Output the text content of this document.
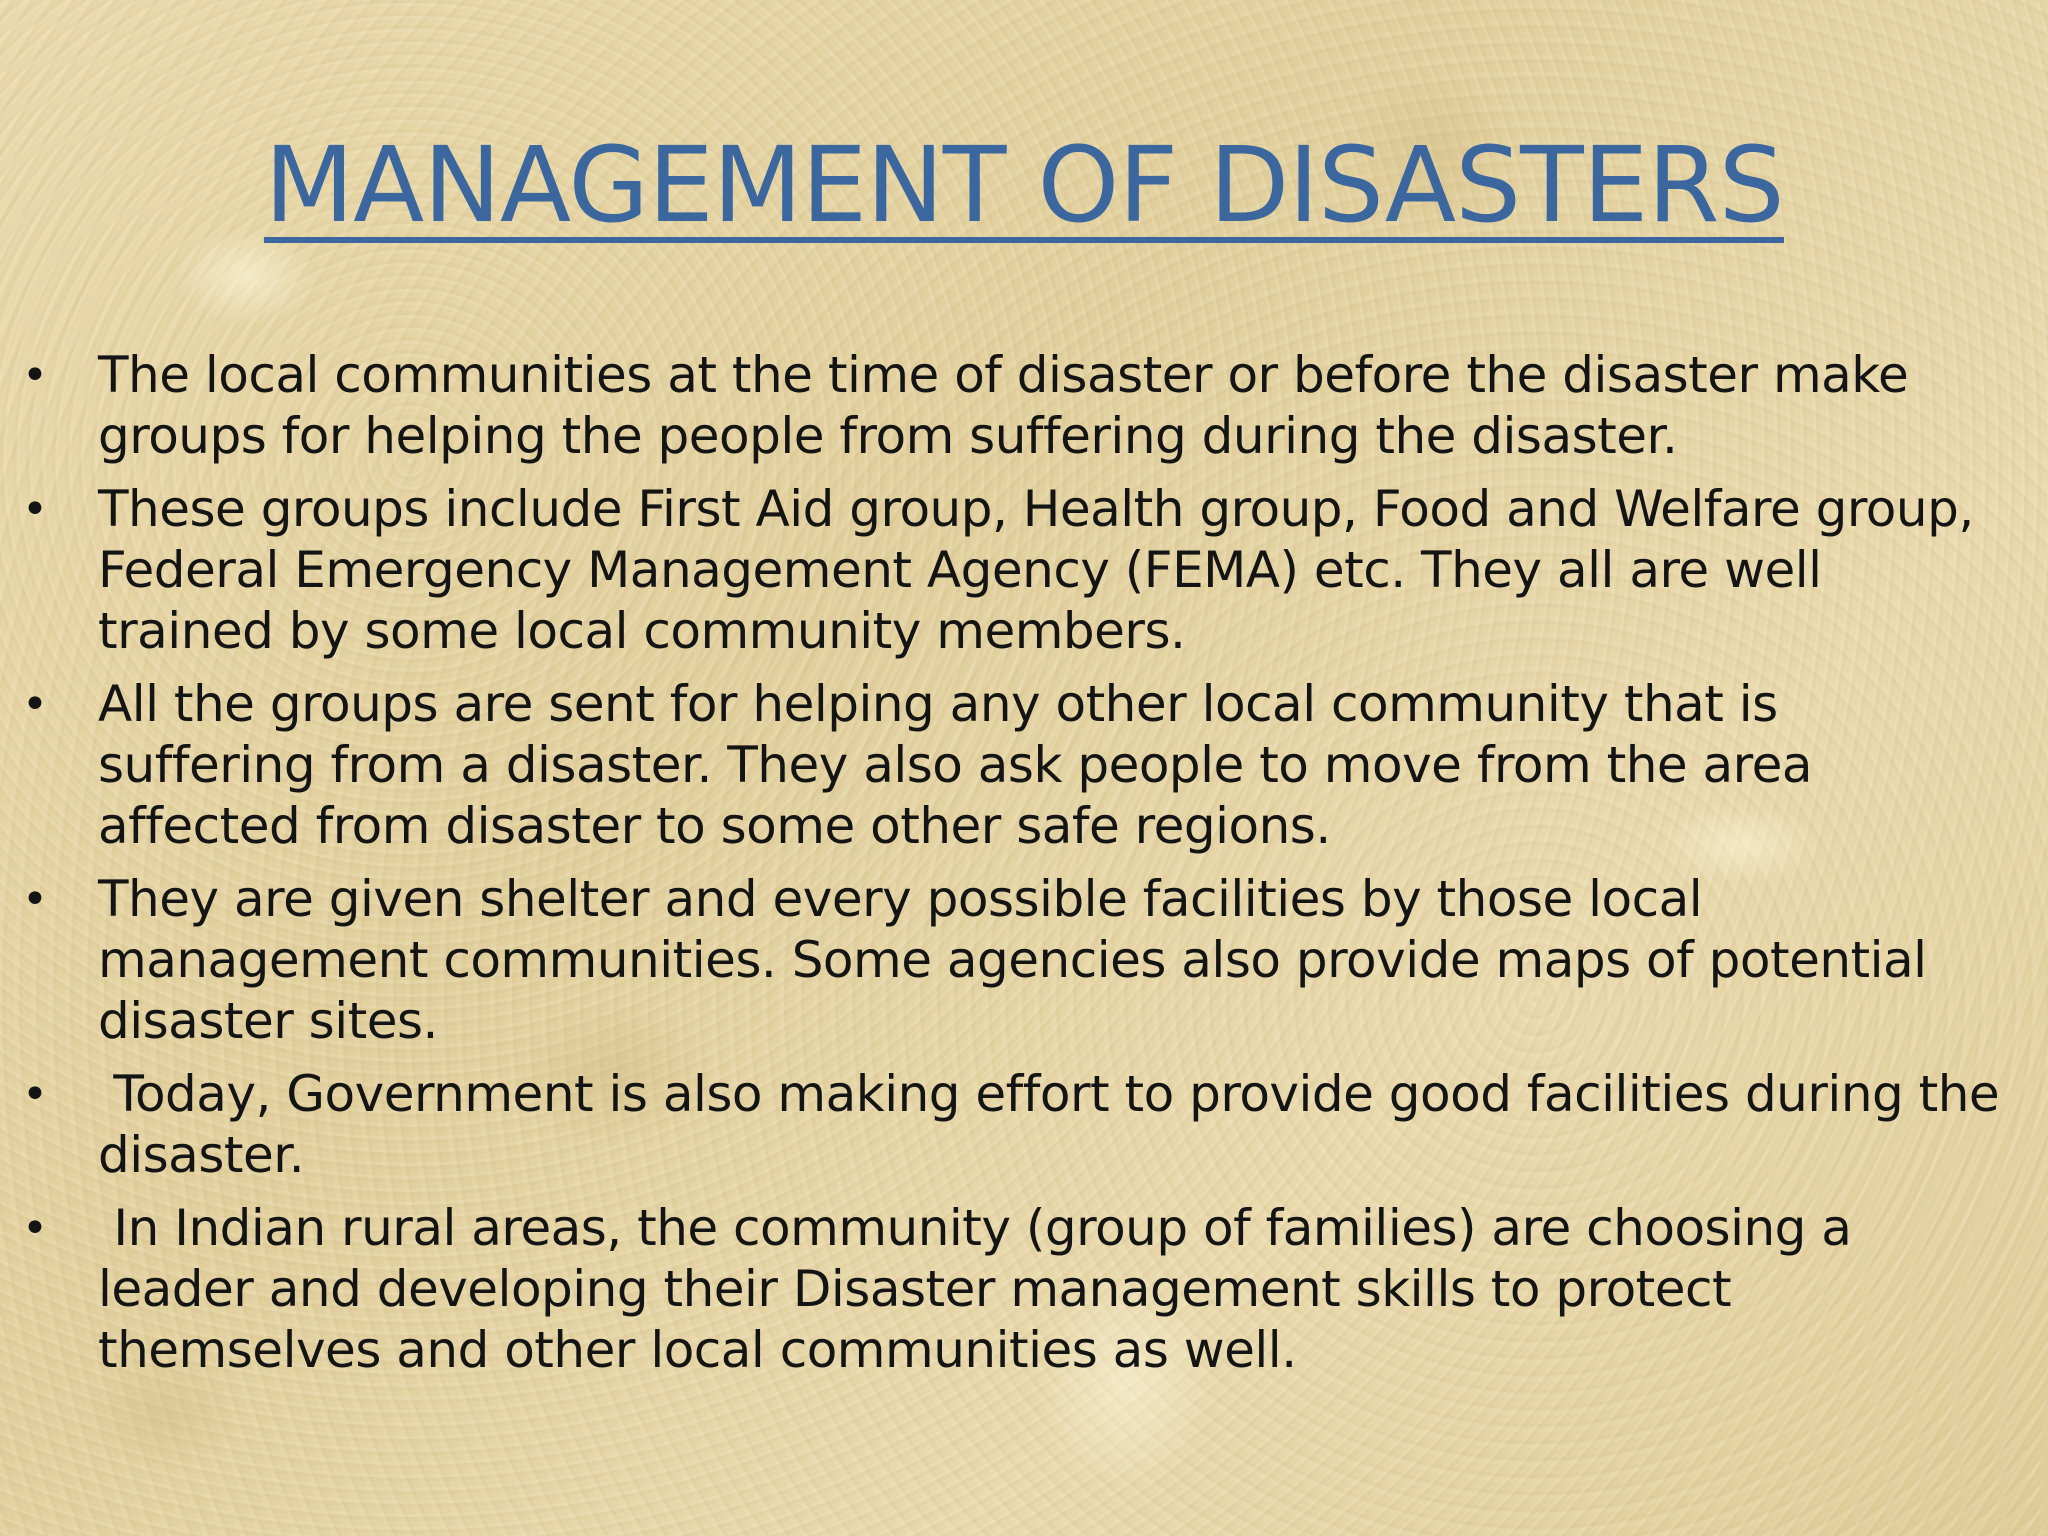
MANAGEMENT OF DISASTERS
• The local communities at the time of disaster or before the disaster make groups for helping the people from suffering during the disaster.
• These groups include First Aid group, Health group, Food and Welfare group, Federal Emergency Management Agency (FEMA) etc. They all are well trained by some local community members.
• All the groups are sent for helping any other local community that is suffering from a disaster. They also ask people to move from the area affected from disaster to some other safe regions.
• They are given shelter and every possible facilities by those local management communities. Some agencies also provide maps of potential disaster sites.
• Today, Government is also making effort to provide good facilities during the disaster.
• In Indian rural areas, the community (group of families) are choosing a leader and developing their Disaster management skills to protect themselves and other local communities as well.
